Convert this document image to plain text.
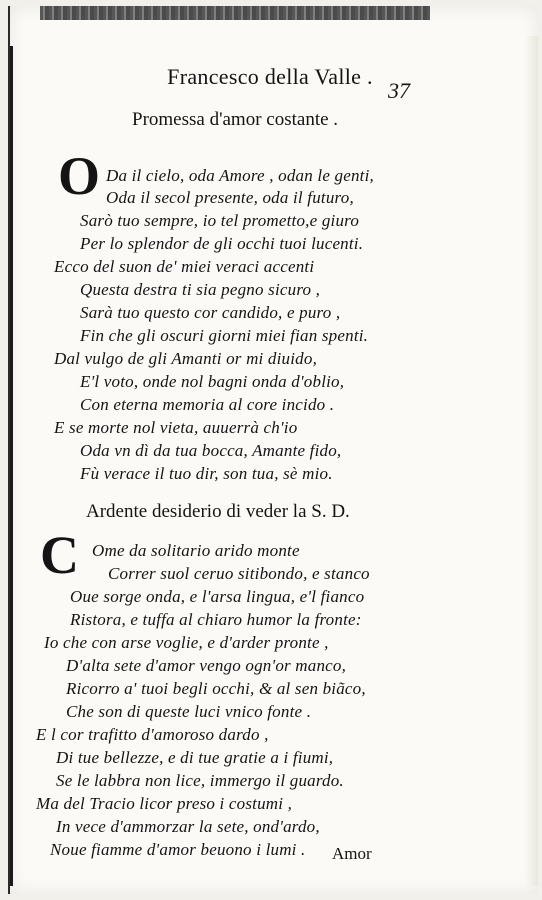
Francesco della Valle .
37
Promessa d'amor costante .
O Da il cielo, oda Amore , odan le genti,
Oda il secol presente, oda il futuro,
Sarò tuo sempre, io tel prometto,e giuro
Per lo splendor de gli occhi tuoi lucenti.
Ecco del suon de' miei veraci accenti
Questa destra ti sia pegno sicuro ,
Sarà tuo questo cor candido, e puro ,
Fin che gli oscuri giorni miei fian spenti.
Dal vulgo de gli Amanti or mi diuido,
E'l voto, onde nol bagni onda d'oblio,
Con eterna memoria al core incido .
E se morte nol vieta, auuerrà ch'io
Oda vn dì da tua bocca, Amante fido,
Fù verace il tuo dir, son tua, sè mio.
Ardente desiderio di veder la S. D.
C Ome da solitario arido monte
Correr suol ceruo sitibondo, e stanco
Oue sorge onda, e l'arsa lingua, e'l fianco
Ristora, e tuffa al chiaro humor la fronte:
Io che con arse voglie, e d'arder pronte ,
D'alta sete d'amor vengo ogn'or manco,
Ricorro a' tuoi begli occhi, & al sen biãco,
Che son di queste luci vnico fonte .
E l cor trafitto d'amoroso dardo ,
Di tue bellezze, e di tue gratie a i fiumi,
Se le labbra non lice, immergo il guardo.
Ma del Tracio licor preso i costumi ,
In vece d'ammorzar la sete, ond'ardo,
Noue fiamme d'amor beuono i lumi . Amor
